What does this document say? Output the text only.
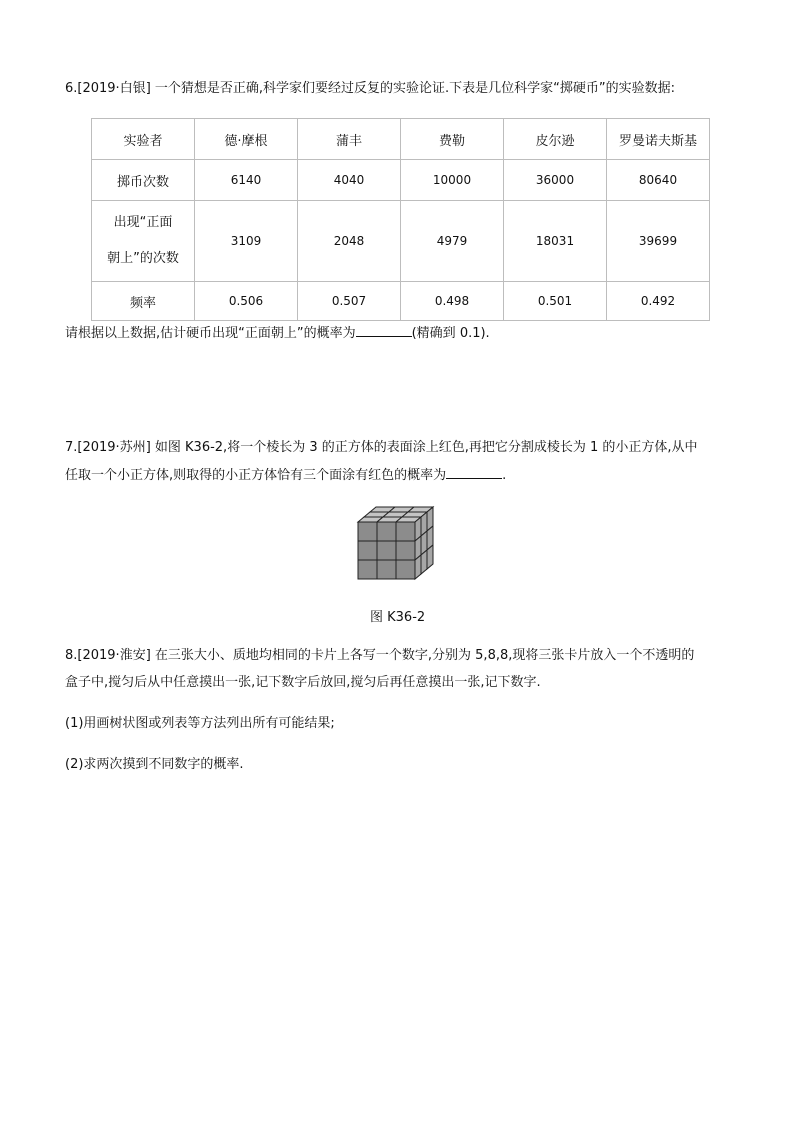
6.[2019·白银] 一个猜想是否正确,科学家们要经过反复的实验论证.下表是几位科学家“掷硬币”的实验数据:
实验者	德·摩根	蒲丰	费勒	皮尔逊	罗曼诺夫斯基
掷币次数	6140	4040	10000	36000	80640
出现“正面
朝上”的次数	3109	2048	4979	18031	39699
频率	0.506	0.507	0.498	0.501	0.492
请根据以上数据,估计硬币出现“正面朝上”的概率为	(精确到 0.1).
7.[2019·苏州] 如图 K36-2,将一个棱长为 3 的正方体的表面涂上红色,再把它分割成棱长为 1 的小正方体,从中
任取一个小正方体,则取得的小正方体恰有三个面涂有红色的概率为	.
图 K36-2
8.[2019·淮安] 在三张大小、质地均相同的卡片上各写一个数字,分别为 5,8,8,现将三张卡片放入一个不透明的
盒子中,搅匀后从中任意摸出一张,记下数字后放回,搅匀后再任意摸出一张,记下数字.
(1)用画树状图或列表等方法列出所有可能结果;
(2)求两次摸到不同数字的概率.
